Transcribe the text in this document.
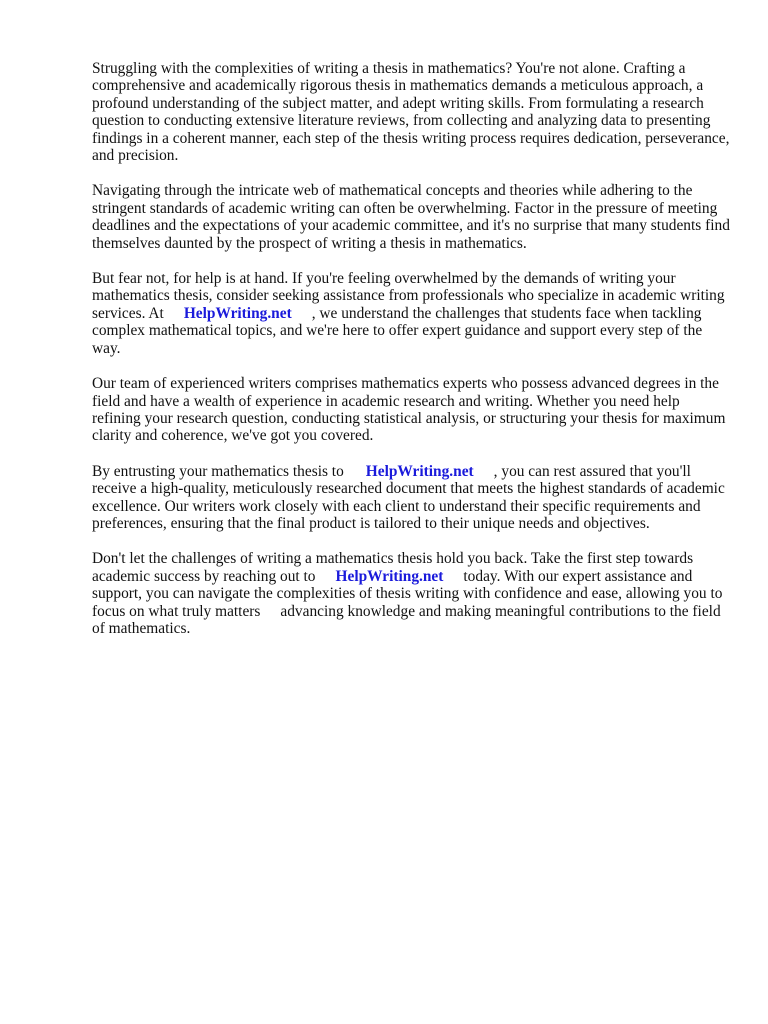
Struggling with the complexities of writing a thesis in mathematics? You're not alone. Crafting a comprehensive and academically rigorous thesis in mathematics demands a meticulous approach, a profound understanding of the subject matter, and adept writing skills. From formulating a research question to conducting extensive literature reviews, from collecting and analyzing data to presenting findings in a coherent manner, each step of the thesis writing process requires dedication, perseverance, and precision.

Navigating through the intricate web of mathematical concepts and theories while adhering to the stringent standards of academic writing can often be overwhelming. Factor in the pressure of meeting deadlines and the expectations of your academic committee, and it's no surprise that many students find themselves daunted by the prospect of writing a thesis in mathematics.

But fear not, for help is at hand. If you're feeling overwhelmed by the demands of writing your mathematics thesis, consider seeking assistance from professionals who specialize in academic writing services. At HelpWriting.net , we understand the challenges that students face when tackling complex mathematical topics, and we're here to offer expert guidance and support every step of the way.

Our team of experienced writers comprises mathematics experts who possess advanced degrees in the field and have a wealth of experience in academic research and writing. Whether you need help refining your research question, conducting statistical analysis, or structuring your thesis for maximum clarity and coherence, we've got you covered.

By entrusting your mathematics thesis to HelpWriting.net , you can rest assured that you'll receive a high-quality, meticulously researched document that meets the highest standards of academic excellence. Our writers work closely with each client to understand their specific requirements and preferences, ensuring that the final product is tailored to their unique needs and objectives.

Don't let the challenges of writing a mathematics thesis hold you back. Take the first step towards academic success by reaching out to HelpWriting.net today. With our expert assistance and support, you can navigate the complexities of thesis writing with confidence and ease, allowing you to focus on what truly matters advancing knowledge and making meaningful contributions to the field of mathematics.
